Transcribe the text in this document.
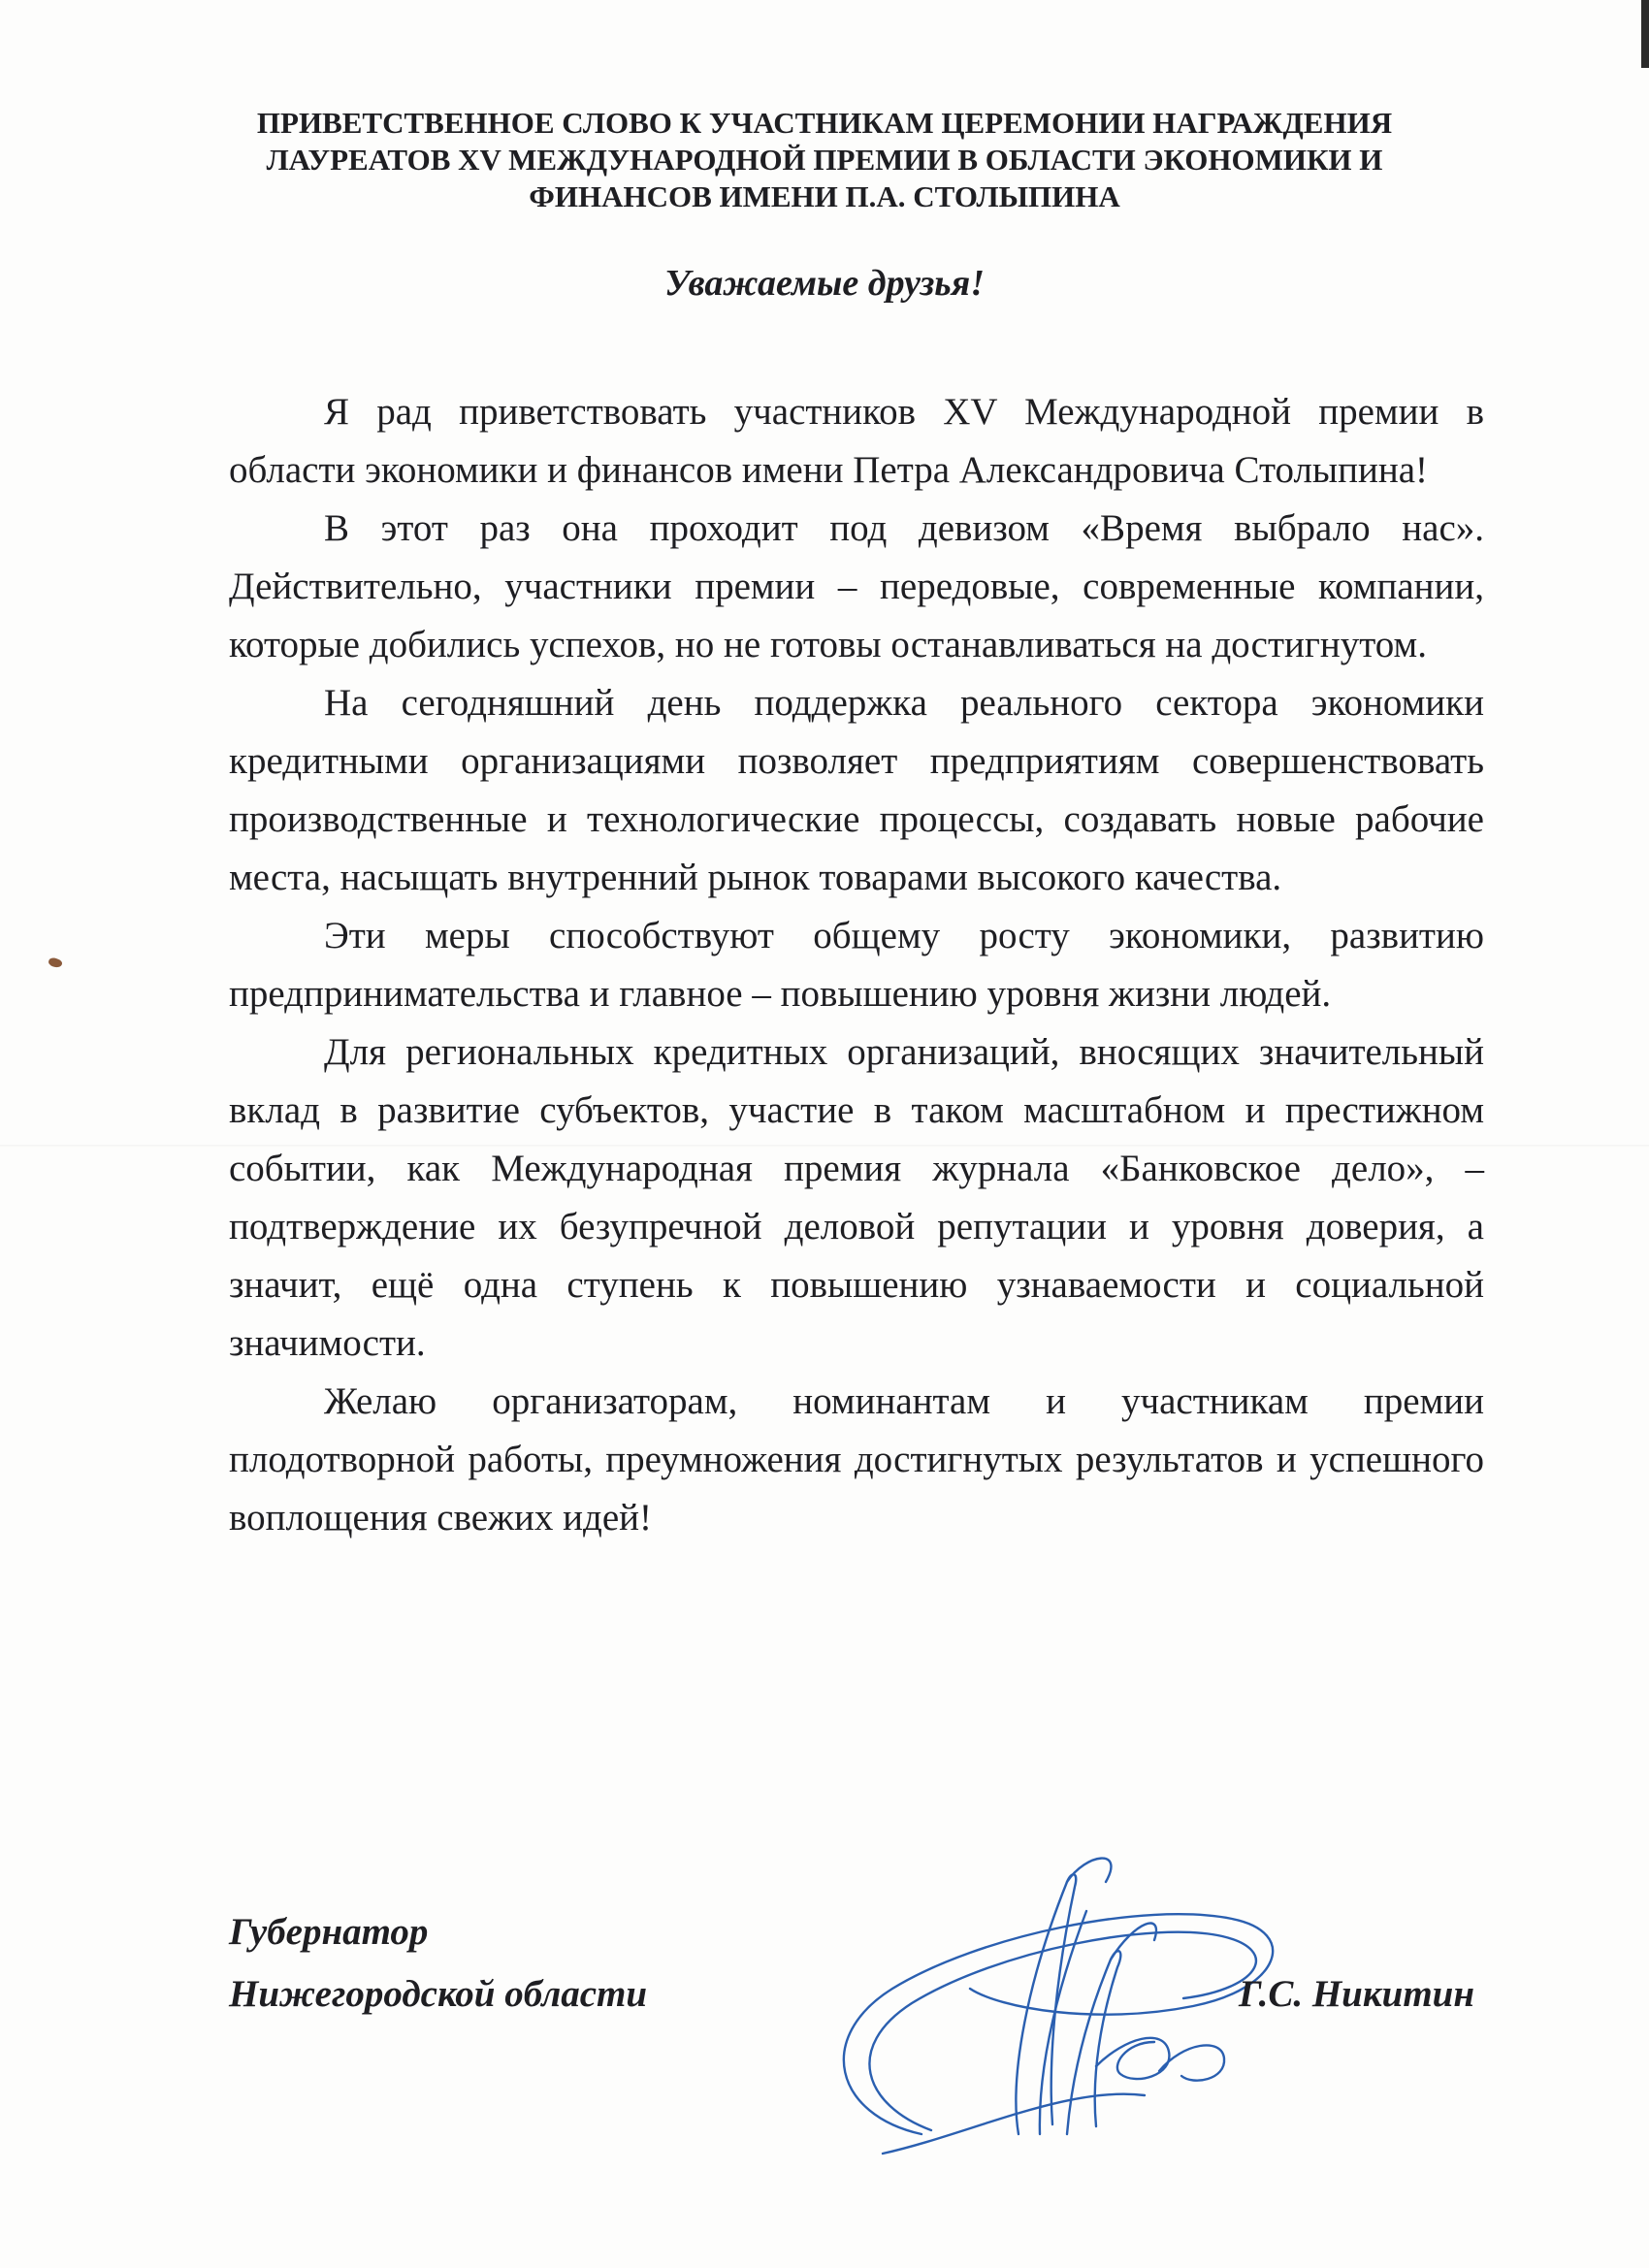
ПРИВЕТСТВЕННОЕ СЛОВО К УЧАСТНИКАМ ЦЕРЕМОНИИ НАГРАЖДЕНИЯ
ЛАУРЕАТОВ XV МЕЖДУНАРОДНОЙ ПРЕМИИ В ОБЛАСТИ ЭКОНОМИКИ И
ФИНАНСОВ ИМЕНИ П.А. СТОЛЫПИНА
Уважаемые друзья!

Я рад приветствовать участников XV Международной премии в области экономики и финансов имени Петра Александровича Столыпина!

В этот раз она проходит под девизом «Время выбрало нас». Действительно, участники премии – передовые, современные компании, которые добились успехов, но не готовы останавливаться на достигнутом.

На сегодняшний день поддержка реального сектора экономики кредитными организациями позволяет предприятиям совершенствовать производственные и технологические процессы, создавать новые рабочие места, насыщать внутренний рынок товарами высокого качества.

Эти меры способствуют общему росту экономики, развитию предпринимательства и главное – повышению уровня жизни людей.

Для региональных кредитных организаций, вносящих значительный вклад в развитие субъектов, участие в таком масштабном и престижном событии, как Международная премия журнала «Банковское дело», – подтверждение их безупречной деловой репутации и уровня доверия, а значит, ещё одна ступень к повышению узнаваемости и социальной значимости.

Желаю организаторам, номинантам и участникам премии плодотворной работы, преумножения достигнутых результатов и успешного воплощения свежих идей!

Губернатор
Нижегородской области	Г.С. Никитин
